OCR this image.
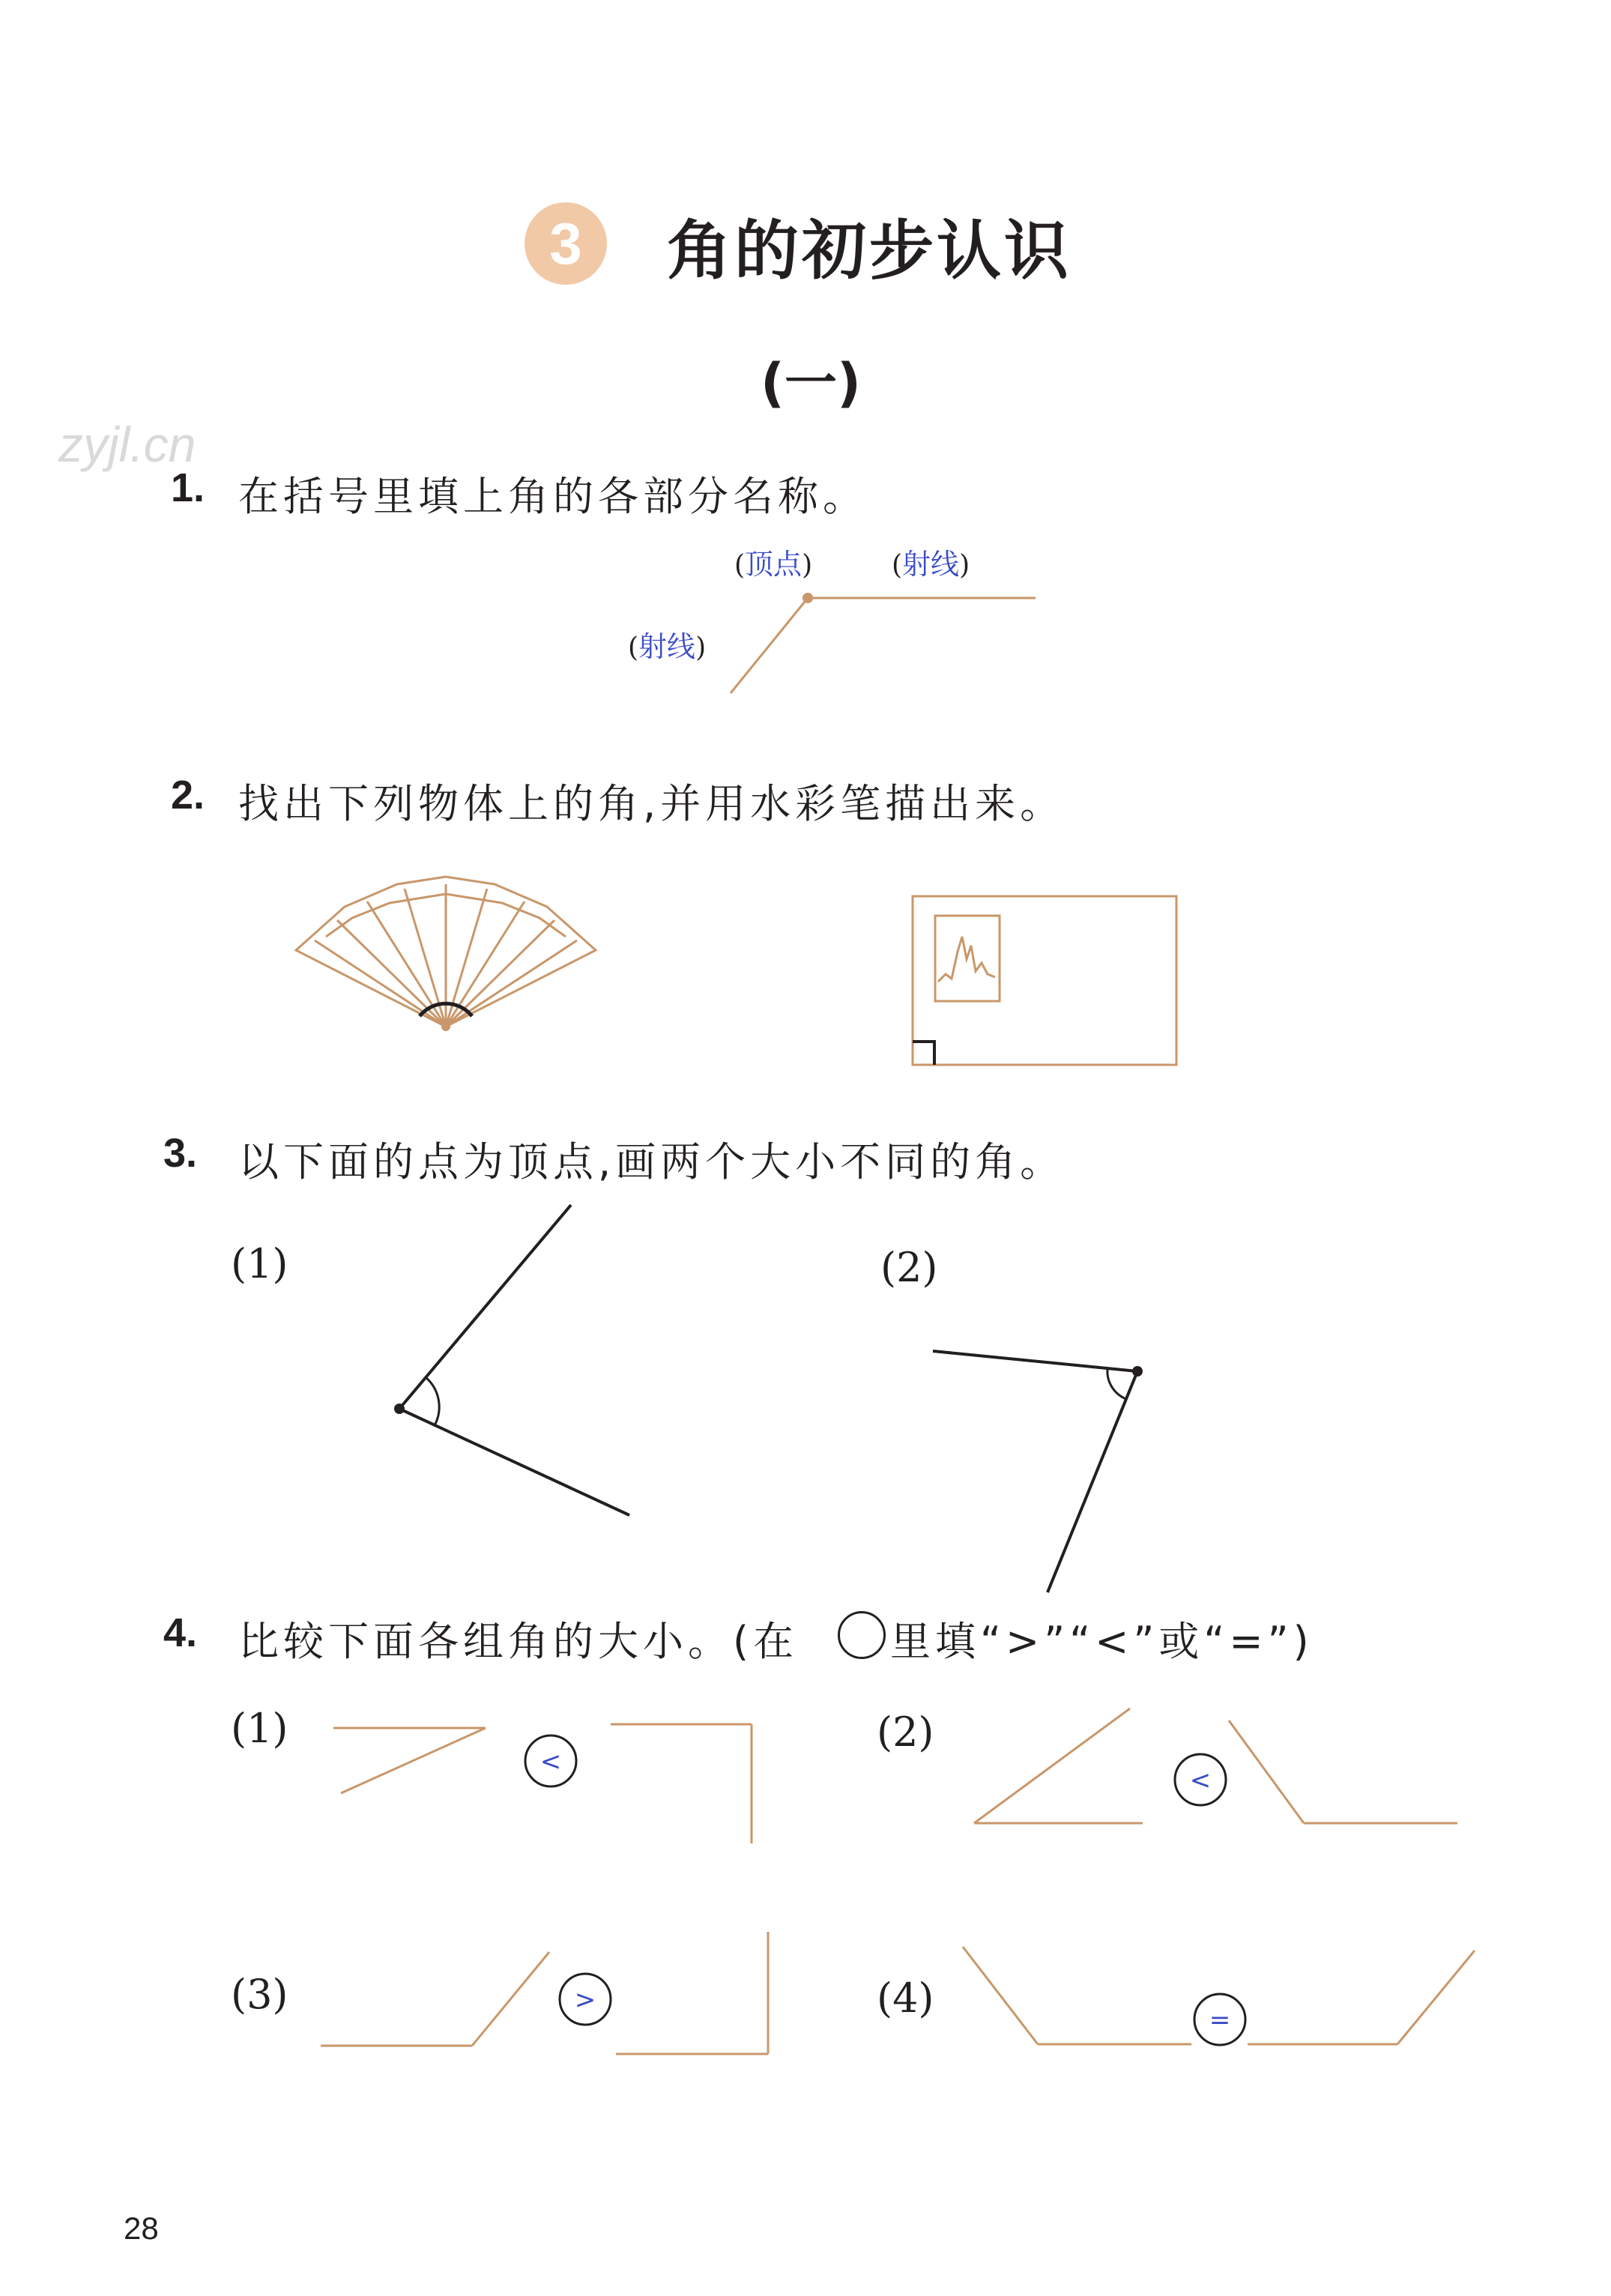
3	角的初步认识
(一)
zyjl.cn
1. 在括号里填上角的各部分名称。
(顶点)	(射线)
(射线)
2. 找出下列物体上的角,并用水彩笔描出来。
3. 以下面的点为顶点,画两个大小不同的角。
(1)	(2)
4. 比较下面各组角的大小。(在 里填“>”“<”或“=”)
(1)	(2)
(3)	(4)
28
<
<
>
=
